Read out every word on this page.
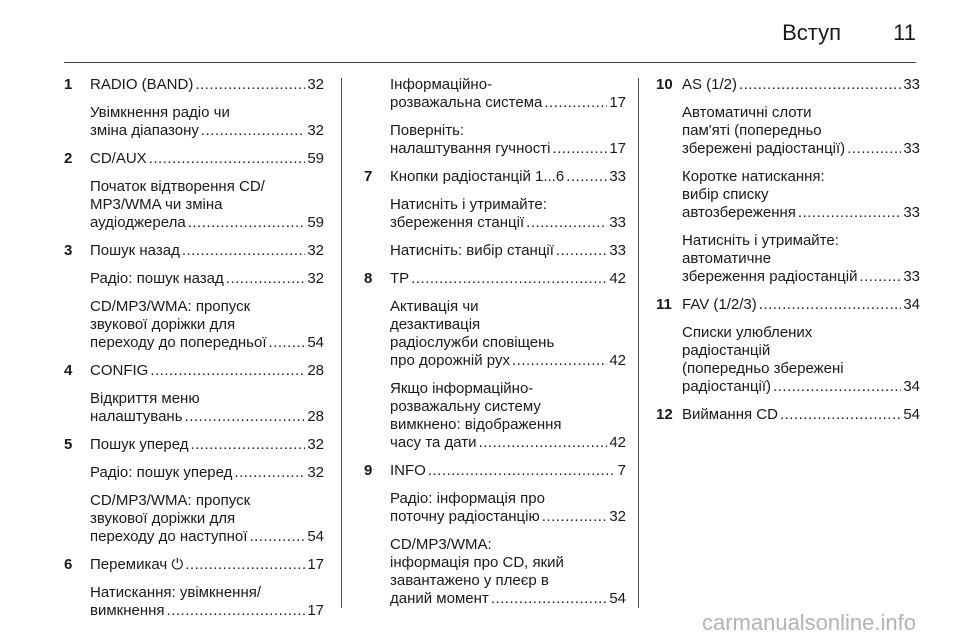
Вступ 11
1 RADIO (BAND) .....	32
Увімкнення радіо чи
зміна діапазону .....	32
2 CD/AUX .....	59
Початок відтворення CD/
MP3/WMA чи зміна
аудіоджерела .....	59
3 Пошук назад .....	32
Радіо: пошук назад .....	32
CD/MP3/WMA: пропуск
звукової доріжки для
переходу до попередньої .....	54
4 CONFIG .....	28
Відкриття меню
налаштувань .....	28
5 Пошук уперед .....	32
Радіо: пошук уперед .....	32
CD/MP3/WMA: пропуск
звукової доріжки для
переходу до наступної .....	54
6 Перемикач ⏻ .....	17
Натискання: увімкнення/
вимкнення .....	17
Інформаційно-
розважальна система .....	17
Поверніть:
налаштування гучності .....	17
7 Кнопки радіостанцій 1...6 .....	33
Натисніть і утримайте:
збереження станції .....	33
Натисніть: вибір станції .....	33
8 TP .....	42
Активація чи
дезактивація
радіослужби сповіщень
про дорожній рух .....	42
Якщо інформаційно-
розважальну систему
вимкнено: відображення
часу та дати .....	42
9 INFO .....	7
Радіо: інформація про
поточну радіостанцію .....	32
CD/MP3/WMA:
інформація про CD, який
завантажено у плеєр в
даний момент .....	54
10 AS (1/2) .....	33
Автоматичні слоти
пам'яті (попередньо
збережені радіостанції) .....	33
Коротке натискання:
вибір списку
автозбереження .....	33
Натисніть і утримайте:
автоматичне
збереження радіостанцій .....	33
11 FAV (1/2/3) .....	34
Списки улюблених
радіостанцій
(попередньо збережені
радіостанції) .....	34
12 Виймання CD .....	54
carmanualsonline.info
